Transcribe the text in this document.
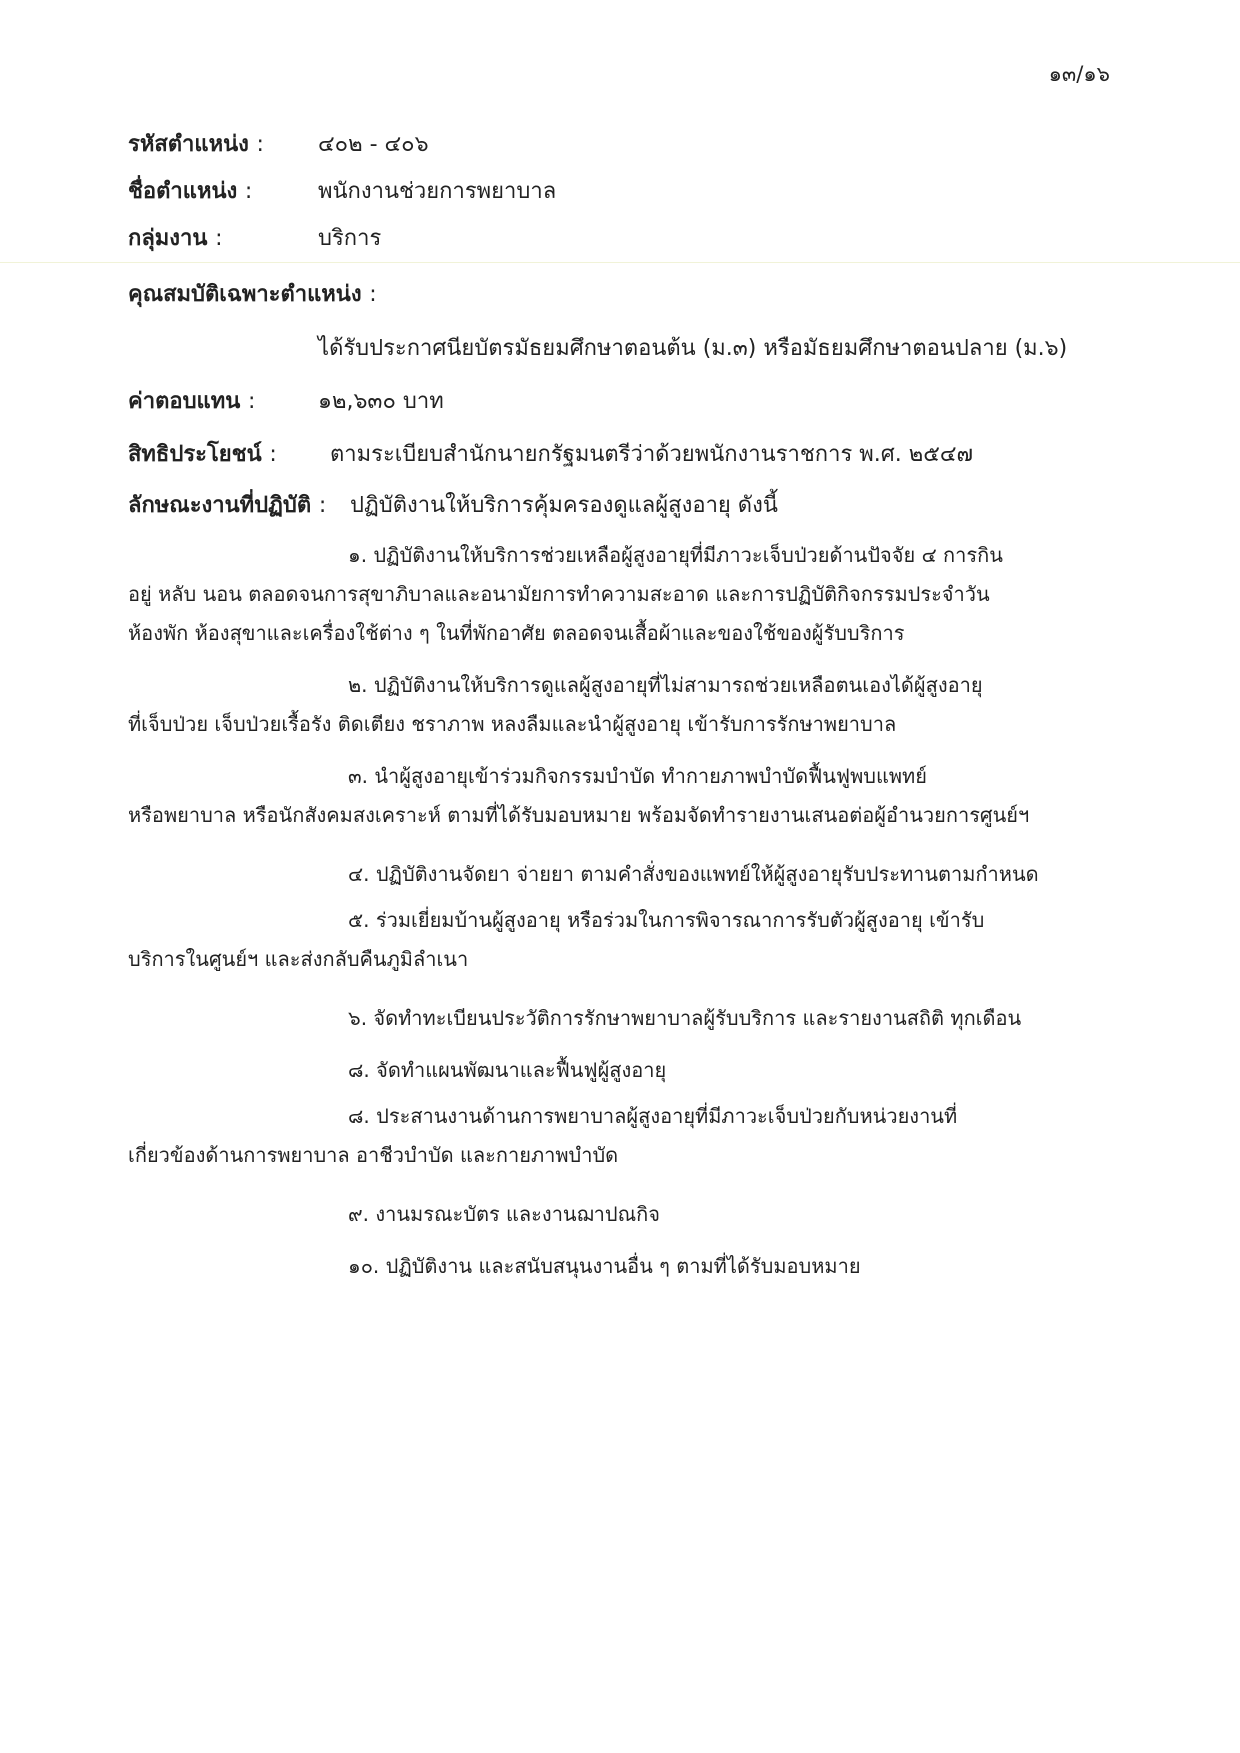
๑๓/๑๖
รหัสตำแหน่ง : ๔๐๒ - ๔๐๖
ชื่อตำแหน่ง :	พนักงานช่วยการพยาบาล
กลุ่มงาน :	บริการ
คุณสมบัติเฉพาะตำแหน่ง :
ได้รับประกาศนียบัตรมัธยมศึกษาตอนต้น (ม.๓) หรือมัธยมศึกษาตอนปลาย (ม.๖)
ค่าตอบแทน :	๑๒,๖๓๐ บาท
สิทธิประโยชน์ : ตามระเบียบสำนักนายกรัฐมนตรีว่าด้วยพนักงานราชการ พ.ศ. ๒๕๔๗
ลักษณะงานที่ปฏิบัติ : ปฏิบัติงานให้บริการคุ้มครองดูแลผู้สูงอายุ ดังนี้
๑. ปฏิบัติงานให้บริการช่วยเหลือผู้สูงอายุที่มีภาวะเจ็บป่วยด้านปัจจัย ๔ การกิน
อยู่ หลับ นอน ตลอดจนการสุขาภิบาลและอนามัยการทำความสะอาด และการปฏิบัติกิจกรรมประจำวัน
ห้องพัก ห้องสุขาและเครื่องใช้ต่าง ๆ ในที่พักอาศัย ตลอดจนเสื้อผ้าและของใช้ของผู้รับบริการ
๒. ปฏิบัติงานให้บริการดูแลผู้สูงอายุที่ไม่สามารถช่วยเหลือตนเองได้ผู้สูงอายุ
ที่เจ็บป่วย เจ็บป่วยเรื้อรัง ติดเตียง ชราภาพ หลงลืมและนำผู้สูงอายุ เข้ารับการรักษาพยาบาล
๓. นำผู้สูงอายุเข้าร่วมกิจกรรมบำบัด ทำกายภาพบำบัดฟื้นฟูพบแพทย์
หรือพยาบาล หรือนักสังคมสงเคราะห์ ตามที่ได้รับมอบหมาย พร้อมจัดทำรายงานเสนอต่อผู้อำนวยการศูนย์ฯ
๔. ปฏิบัติงานจัดยา จ่ายยา ตามคำสั่งของแพทย์ให้ผู้สูงอายุรับประทานตามกำหนด
๕. ร่วมเยี่ยมบ้านผู้สูงอายุ หรือร่วมในการพิจารณาการรับตัวผู้สูงอายุ เข้ารับ
บริการในศูนย์ฯ และส่งกลับคืนภูมิลำเนา
๖. จัดทำทะเบียนประวัติการรักษาพยาบาลผู้รับบริการ และรายงานสถิติ ทุกเดือน
๘. จัดทำแผนพัฒนาและฟื้นฟูผู้สูงอายุ
๘. ประสานงานด้านการพยาบาลผู้สูงอายุที่มีภาวะเจ็บป่วยกับหน่วยงานที่
เกี่ยวข้องด้านการพยาบาล อาชีวบำบัด และกายภาพบำบัด
๙. งานมรณะบัตร และงานฌาปณกิจ
๑๐. ปฏิบัติงาน และสนับสนุนงานอื่น ๆ ตามที่ได้รับมอบหมาย
